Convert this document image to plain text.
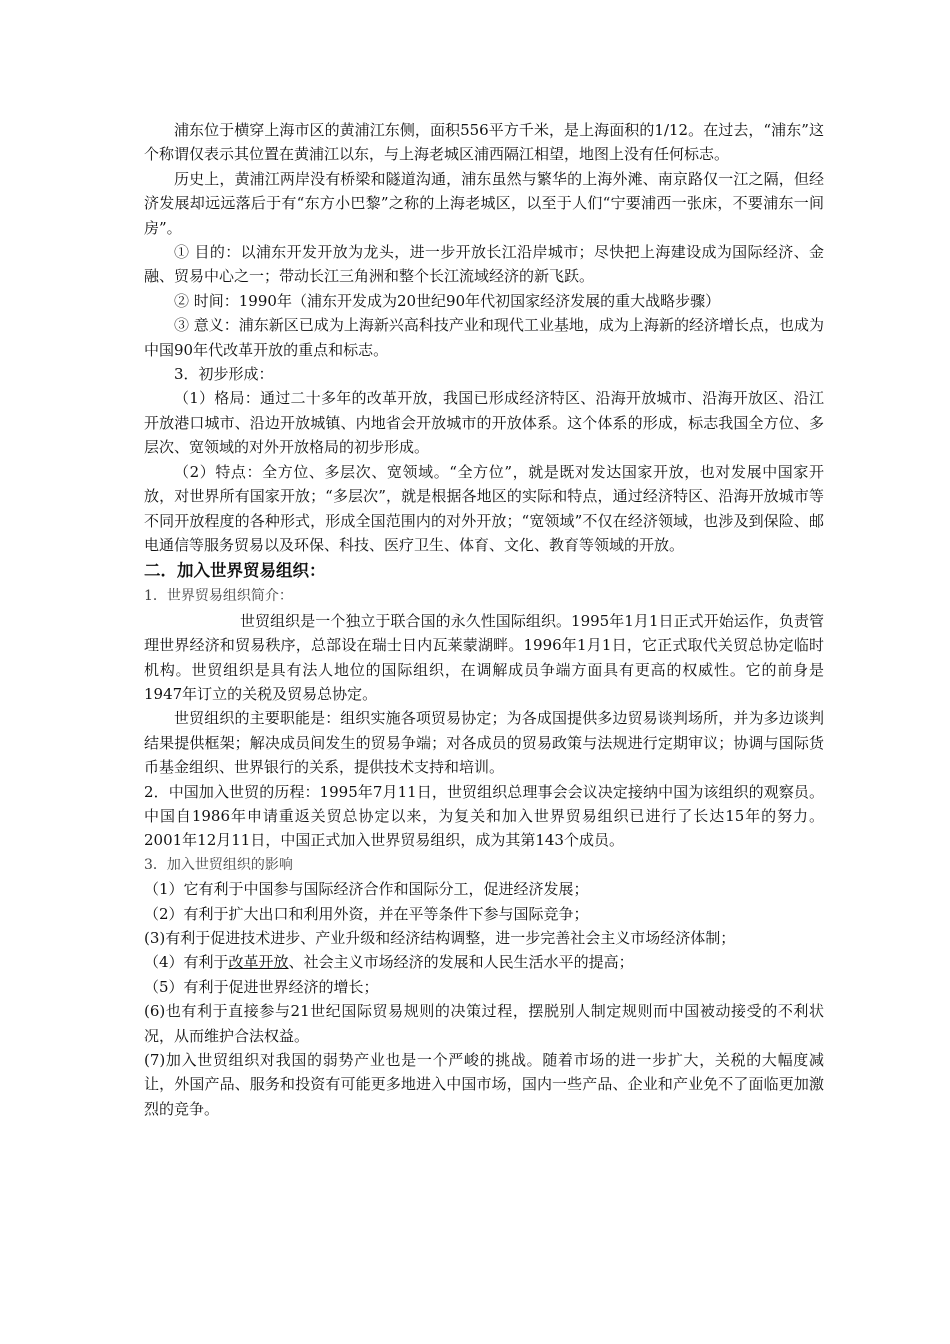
浦东位于横穿上海市区的黄浦江东侧，面积556平方千米，是上海面积的1/12。在过去，“浦东”这个称谓仅表示其位置在黄浦江以东，与上海老城区浦西隔江相望，地图上没有任何标志。

历史上，黄浦江两岸没有桥梁和隧道沟通，浦东虽然与繁华的上海外滩、南京路仅一江之隔，但经济发展却远远落后于有“东方小巴黎”之称的上海老城区，以至于人们“宁要浦西一张床，不要浦东一间房”。

① 目的：以浦东开发开放为龙头，进一步开放长江沿岸城市；尽快把上海建设成为国际经济、金融、贸易中心之一；带动长江三角洲和整个长江流域经济的新飞跃。

② 时间：1990年（浦东开发成为20世纪90年代初国家经济发展的重大战略步骤）

③ 意义：浦东新区已成为上海新兴高科技产业和现代工业基地，成为上海新的经济增长点，也成为中国90年代改革开放的重点和标志。

3．初步形成：

（1）格局：通过二十多年的改革开放，我国已形成经济特区、沿海开放城市、沿海开放区、沿江开放港口城市、沿边开放城镇、内地省会开放城市的开放体系。这个体系的形成，标志我国全方位、多层次、宽领域的对外开放格局的初步形成。

（2）特点：全方位、多层次、宽领域。“全方位”，就是既对发达国家开放，也对发展中国家开放，对世界所有国家开放；“多层次”，就是根据各地区的实际和特点，通过经济特区、沿海开放城市等不同开放程度的各种形式，形成全国范围内的对外开放；“宽领域”不仅在经济领域，也涉及到保险、邮电通信等服务贸易以及环保、科技、医疗卫生、体育、文化、教育等领域的开放。

二．加入世界贸易组织：

1．世界贸易组织简介：

世贸组织是一个独立于联合国的永久性国际组织。1995年1月1日正式开始运作，负责管理世界经济和贸易秩序，总部设在瑞士日内瓦莱蒙湖畔。1996年1月1日，它正式取代关贸总协定临时机构。世贸组织是具有法人地位的国际组织，在调解成员争端方面具有更高的权威性。它的前身是1947年订立的关税及贸易总协定。

世贸组织的主要职能是：组织实施各项贸易协定；为各成国提供多边贸易谈判场所，并为多边谈判结果提供框架；解决成员间发生的贸易争端；对各成员的贸易政策与法规进行定期审议；协调与国际货币基金组织、世界银行的关系，提供技术支持和培训。

2．中国加入世贸的历程：1995年7月11日，世贸组织总理事会会议决定接纳中国为该组织的观察员。中国自1986年申请重返关贸总协定以来，为复关和加入世界贸易组织已进行了长达15年的努力。 2001年12月11日，中国正式加入世界贸易组织，成为其第143个成员。

3．加入世贸组织的影响

（1）它有利于中国参与国际经济合作和国际分工，促进经济发展；

（2）有利于扩大出口和利用外资，并在平等条件下参与国际竞争；

(3)有利于促进技术进步、产业升级和经济结构调整，进一步完善社会主义市场经济体制；

（4）有利于改革开放、社会主义市场经济的发展和人民生活水平的提高；

（5）有利于促进世界经济的增长；

(6)也有利于直接参与21世纪国际贸易规则的决策过程，摆脱别人制定规则而中国被动接受的不利状况，从而维护合法权益。

(7)加入世贸组织对我国的弱势产业也是一个严峻的挑战。随着市场的进一步扩大，关税的大幅度减让，外国产品、服务和投资有可能更多地进入中国市场，国内一些产品、企业和产业免不了面临更加激烈的竞争。
